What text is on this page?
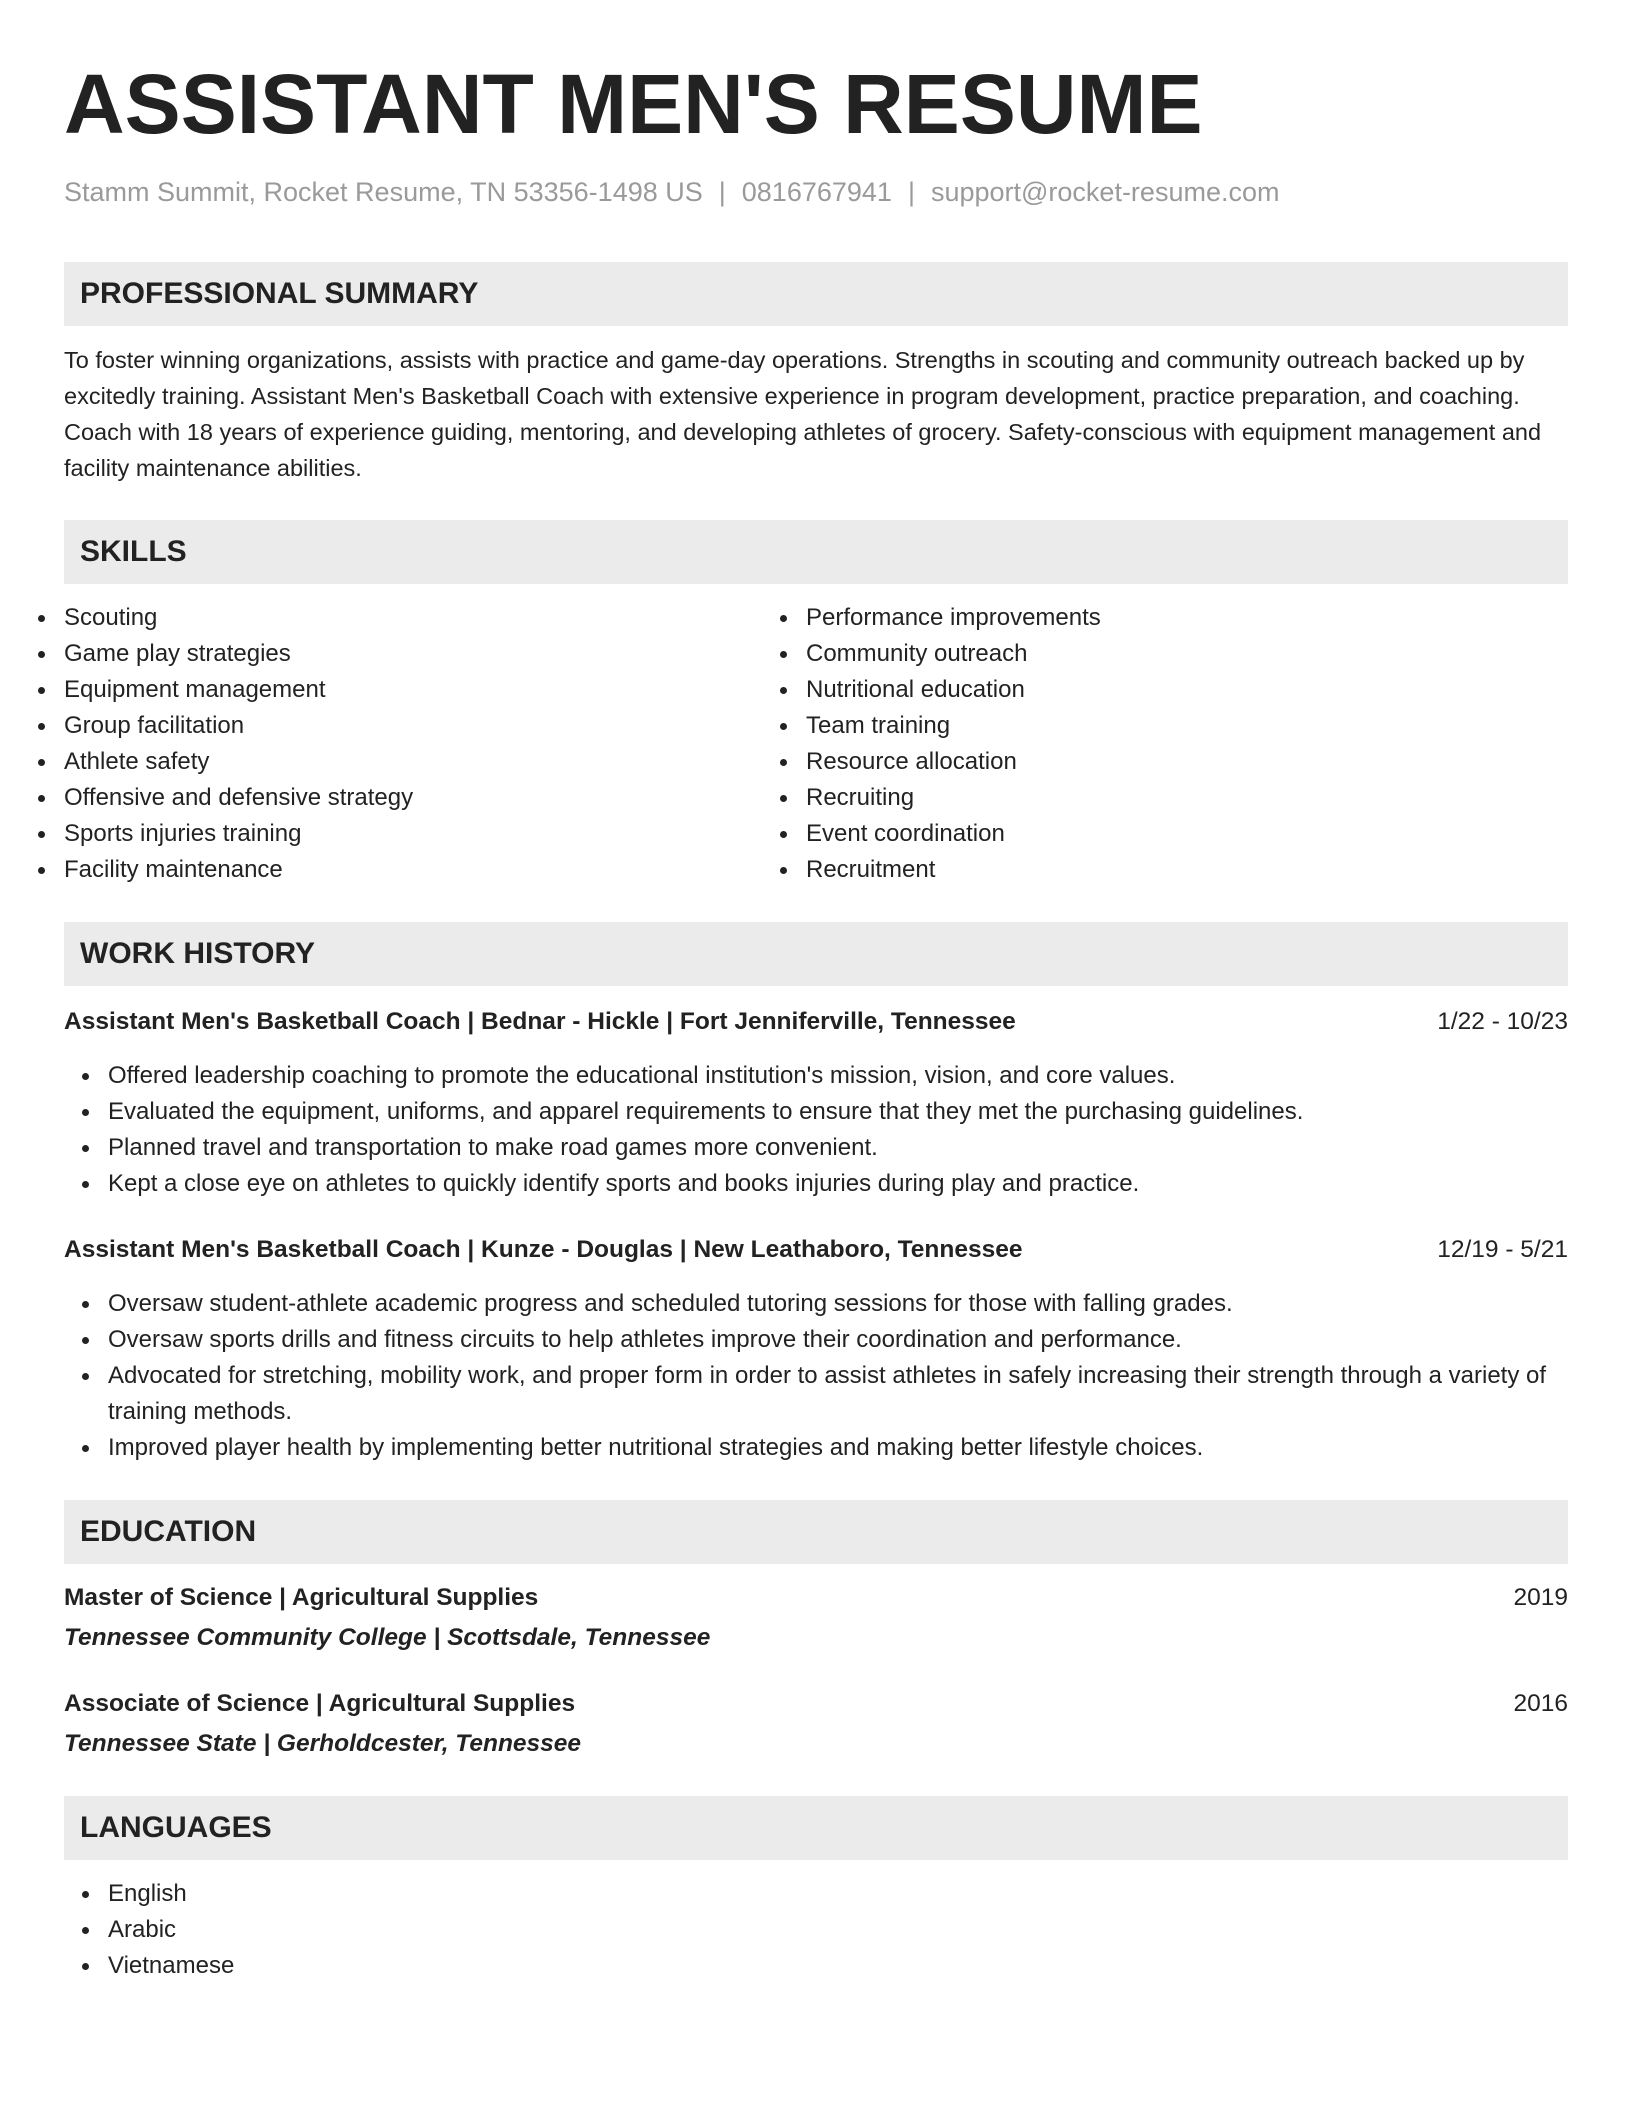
ASSISTANT MEN'S RESUME
Stamm Summit, Rocket Resume, TN 53356-1498 US | 0816767941 | support@rocket-resume.com
PROFESSIONAL SUMMARY

To foster winning organizations, assists with practice and game-day operations. Strengths in scouting and community outreach backed up by excitedly training. Assistant Men's Basketball Coach with extensive experience in program development, practice preparation, and coaching. Coach with 18 years of experience guiding, mentoring, and developing athletes of grocery. Safety-conscious with equipment management and facility maintenance abilities.

SKILLS
Scouting
Game play strategies
Equipment management
Group facilitation
Athlete safety
Offensive and defensive strategy
Sports injuries training
Facility maintenance
Performance improvements
Community outreach
Nutritional education
Team training
Resource allocation
Recruiting
Event coordination
Recruitment
WORK HISTORY
Assistant Men's Basketball Coach | Bednar - Hickle | Fort Jenniferville, Tennessee	1/22 - 10/23
Offered leadership coaching to promote the educational institution's mission, vision, and core values.
Evaluated the equipment, uniforms, and apparel requirements to ensure that they met the purchasing guidelines.
Planned travel and transportation to make road games more convenient.
Kept a close eye on athletes to quickly identify sports and books injuries during play and practice.
Assistant Men's Basketball Coach | Kunze - Douglas | New Leathaboro, Tennessee	12/19 - 5/21
Oversaw student-athlete academic progress and scheduled tutoring sessions for those with falling grades.
Oversaw sports drills and fitness circuits to help athletes improve their coordination and performance.
Advocated for stretching, mobility work, and proper form in order to assist athletes in safely increasing their strength through a variety of training methods.
Improved player health by implementing better nutritional strategies and making better lifestyle choices.
EDUCATION
Master of Science | Agricultural Supplies	2019
Tennessee Community College | Scottsdale, Tennessee
Associate of Science | Agricultural Supplies	2016
Tennessee State | Gerholdcester, Tennessee
LANGUAGES
English
Arabic
Vietnamese
